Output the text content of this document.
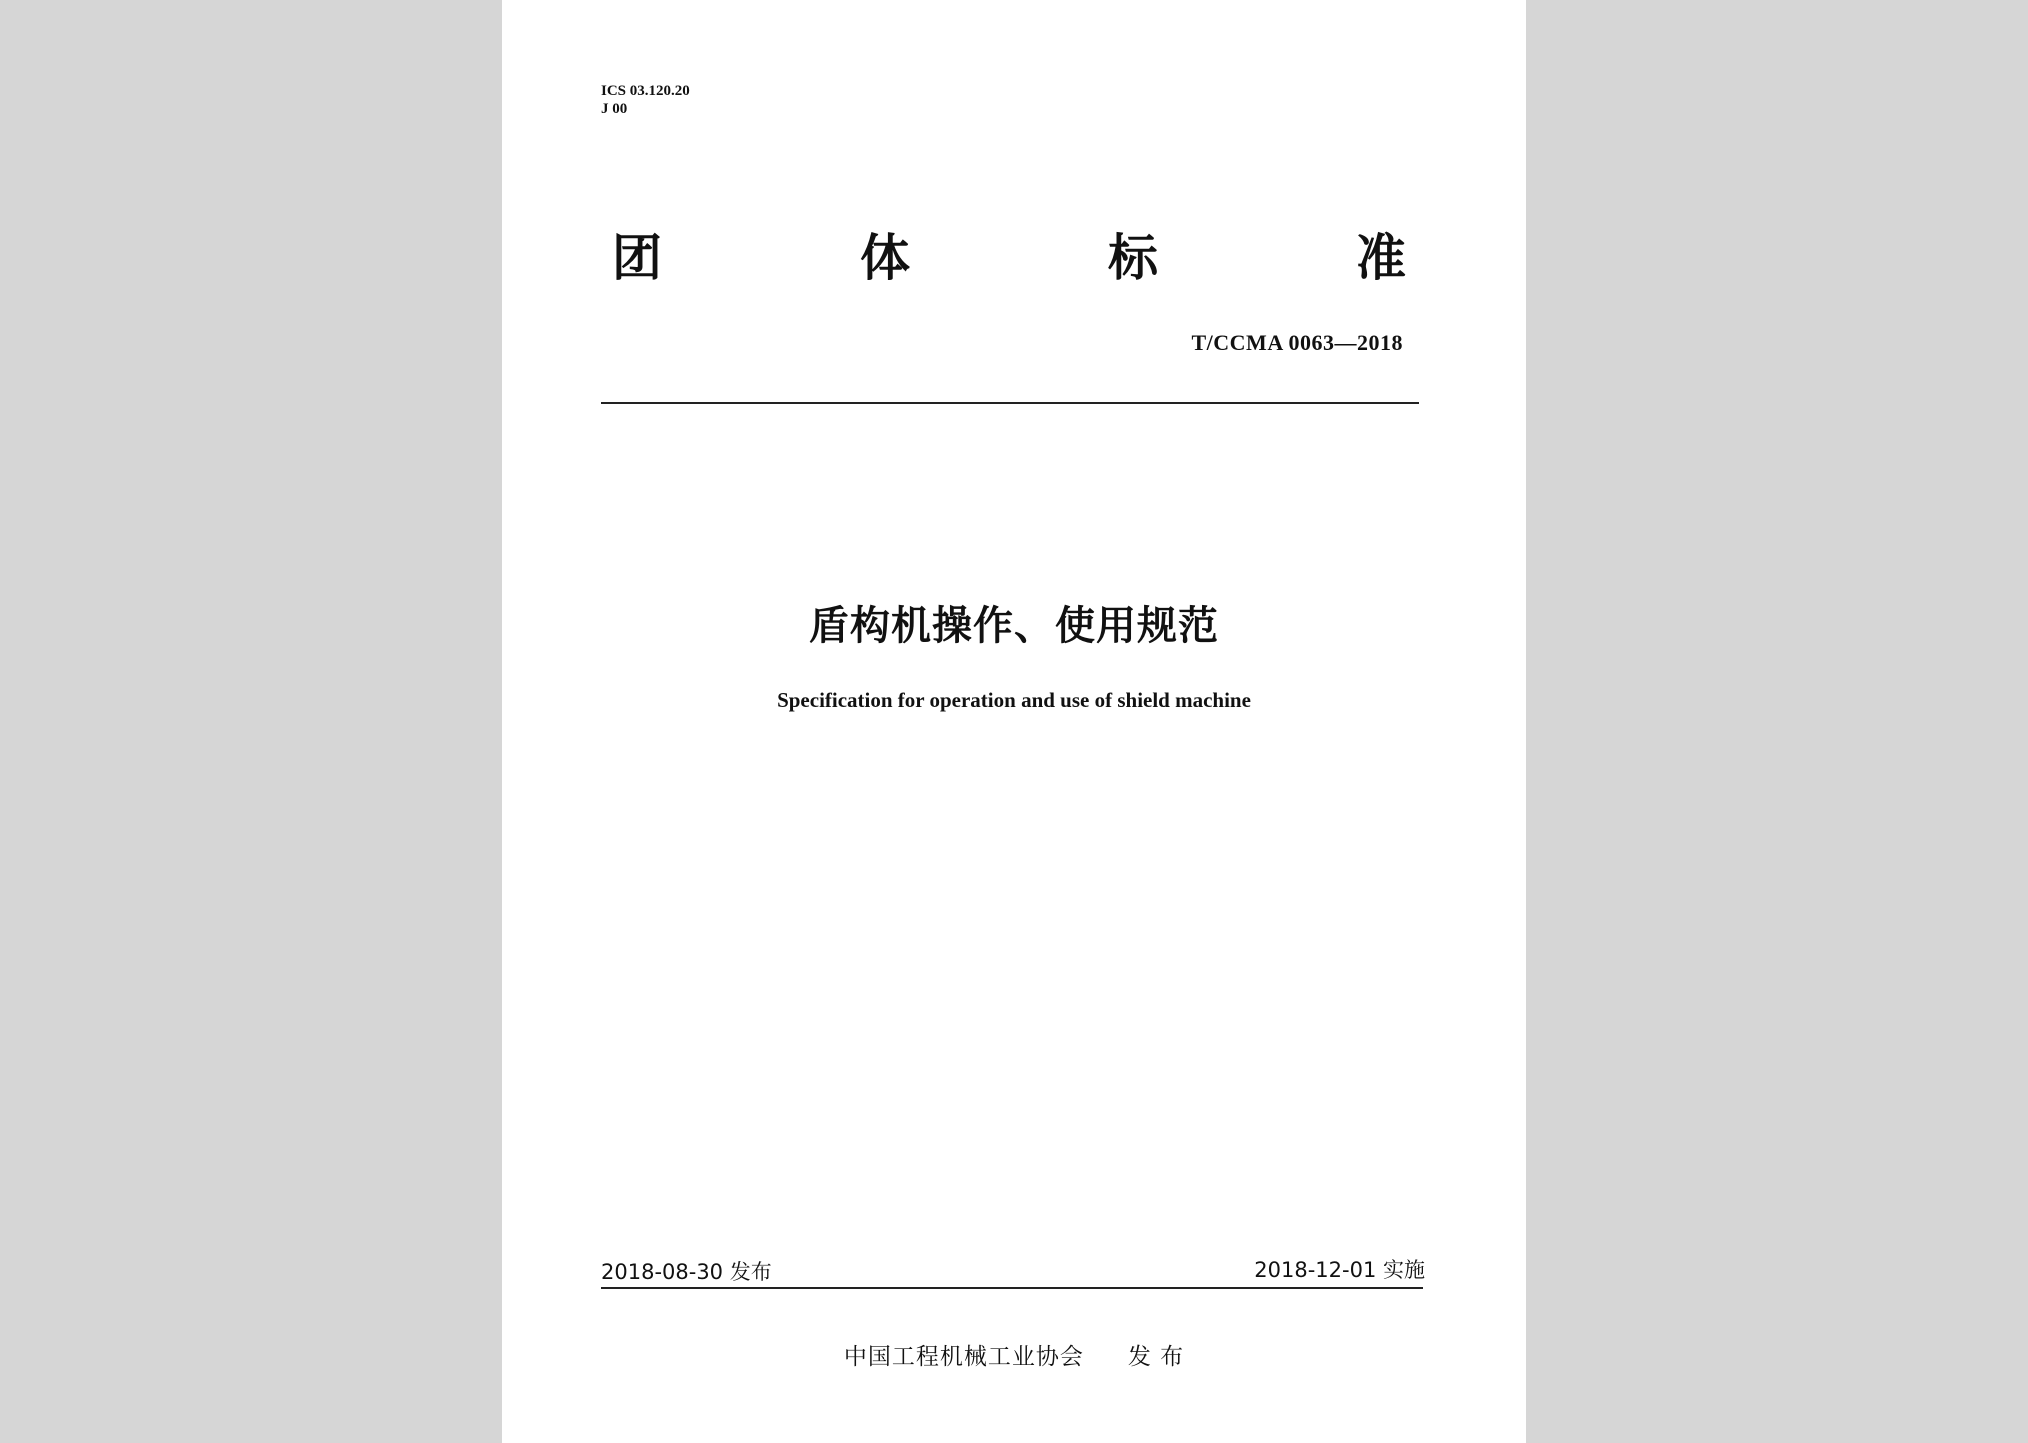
ICS 03.120.20

J 00

团	体	标	准

T/CCMA 0063—2018

盾构机操作、使用规范

Specification for operation and use of shield machine

2018-08-30 发布	2018-12-01 实施

中国工程机械工业协会 发 布
